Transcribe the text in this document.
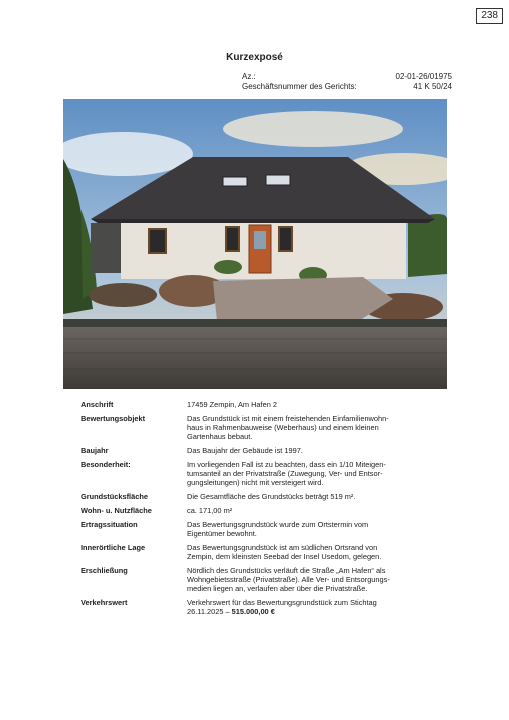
238
Kurzexposé
Az.:	02-01-26/01975
Geschäftsnummer des Gerichts:	41 K 50/24
Anschrift	17459 Zempin, Am Hafen 2
Bewertungsobjekt	Das Grundstück ist mit einem freistehenden Einfamilienwohn-
haus in Rahmenbauweise (Weberhaus) und einem kleinen
Gartenhaus bebaut.
Baujahr	Das Baujahr der Gebäude ist 1997.
Besonderheit:	Im vorliegenden Fall ist zu beachten, dass ein 1/10 Miteigen-
tumsanteil an der Privatstraße (Zuwegung, Ver- und Entsor-
gungsleitungen) nicht mit versteigert wird.
Grundstücksfläche	Die Gesamtfläche des Grundstücks beträgt 519 m².
Wohn- u. Nutzfläche	ca. 171,00 m²
Ertragssituation	Das Bewertungsgrundstück wurde zum Ortstermin vom
Eigentümer bewohnt.
Innerörtliche Lage	Das Bewertungsgrundstück ist am südlichen Ortsrand von
Zempin, dem kleinsten Seebad der Insel Usedom, gelegen.
Erschließung	Nördlich des Grundstücks verläuft die Straße „Am Hafen“ als
Wohngebietsstraße (Privatstraße). Alle Ver- und Entsorgungs-
medien liegen an, verlaufen aber über die Privatstraße.
Verkehrswert	Verkehrswert für das Bewertungsgrundstück zum Stichtag
26.11.2025 – 515.000,00 €
